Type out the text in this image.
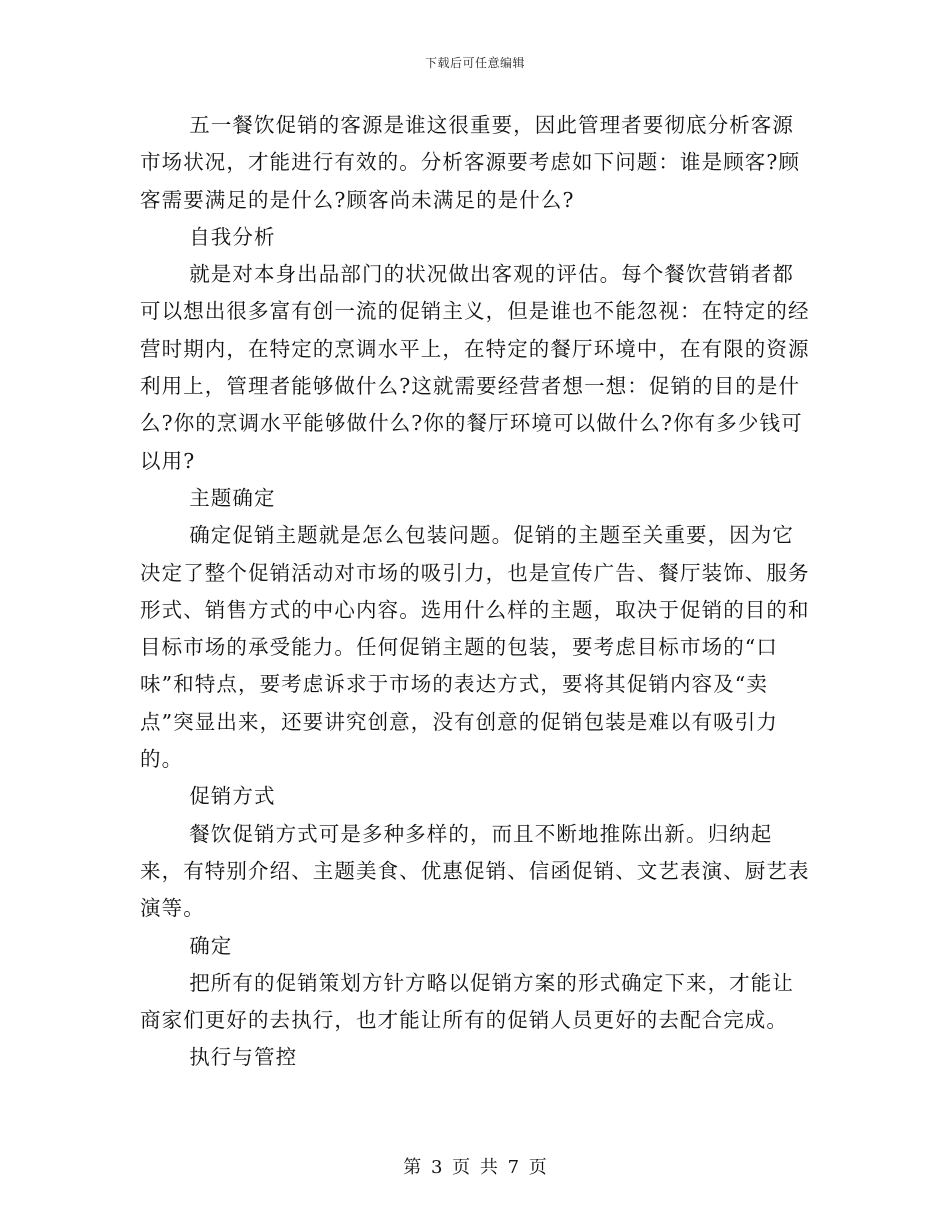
下载后可任意编辑

五一餐饮促销的客源是谁这很重要，因此管理者要彻底分析客源市场状况，才能进行有效的。分析客源要考虑如下问题：谁是顾客?顾客需要满足的是什么?顾客尚未满足的是什么?

自我分析

就是对本身出品部门的状况做出客观的评估。每个餐饮营销者都可以想出很多富有创一流的促销主义，但是谁也不能忽视：在特定的经营时期内，在特定的烹调水平上，在特定的餐厅环境中，在有限的资源利用上，管理者能够做什么?这就需要经营者想一想：促销的目的是什么?你的烹调水平能够做什么?你的餐厅环境可以做什么?你有多少钱可以用?

主题确定

确定促销主题就是怎么包装问题。促销的主题至关重要，因为它决定了整个促销活动对市场的吸引力，也是宣传广告、餐厅装饰、服务形式、销售方式的中心内容。选用什么样的主题，取决于促销的目的和目标市场的承受能力。任何促销主题的包装，要考虑目标市场的“口味”和特点，要考虑诉求于市场的表达方式，要将其促销内容及“卖点”突显出来，还要讲究创意，没有创意的促销包装是难以有吸引力的。

促销方式

餐饮促销方式可是多种多样的，而且不断地推陈出新。归纳起来，有特别介绍、主题美食、优惠促销、信函促销、文艺表演、厨艺表演等。

确定

把所有的促销策划方针方略以促销方案的形式确定下来，才能让商家们更好的去执行，也才能让所有的促销人员更好的去配合完成。

执行与管控

第 3 页 共 7 页
